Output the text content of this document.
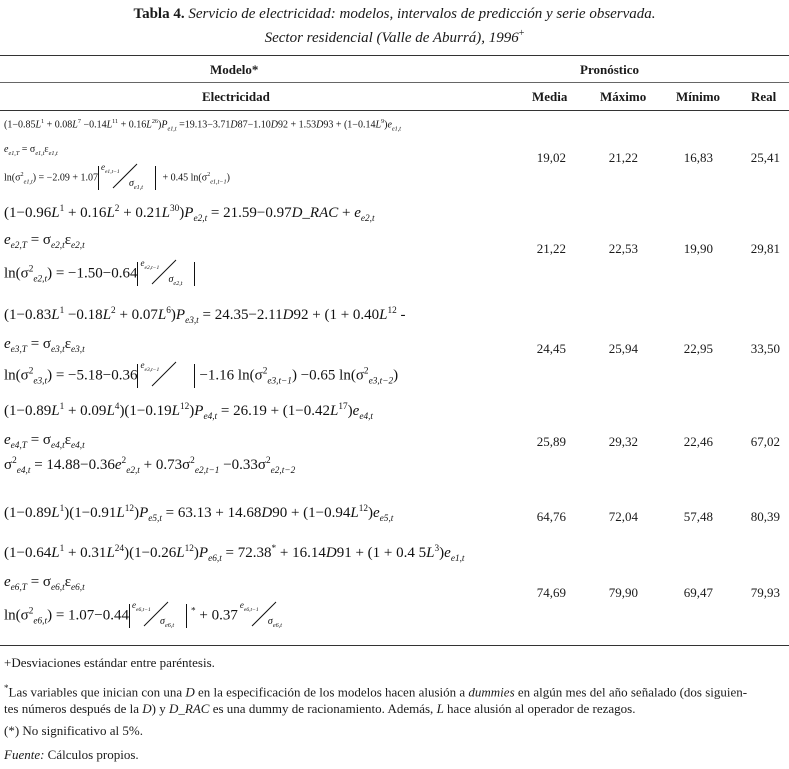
Tabla 4. Servicio de electricidad: modelos, intervalos de predicción y serie observada.
Sector residencial (Valle de Aburrá), 1996+
Modelo*	Pronóstico
Electricidad	Media	Máximo Mínimo Real
$(1-0.85L^1 + 0.08L^7 -0.14L^{11} + 0.16L^{26})P_{e1,t} =19.13-3.71D87-1.10D92 + 1.53D93 + (1-0.14L^9)e_{e1,t}$
$e_{e1,T} = \sigma_{e1,t}\varepsilon_{e1,t}$
$\ln(\sigma^2_{e1,t}) = -2.09 + 1.07$
$e_{e1,t-1}$
$\sigma_{e1,t}$
+ 0.45 $\ln(\sigma^2_{e1,t-1})$
19,02	21,22	16,83	25,41
$(1-0.96L^1 + 0.16L^2 + 0.21L^{30})P_{e2,t}$ = 21.59−0.97D_RAC + $e_{e2,t}$
$e_{e2,T} = \sigma_{e2,t}\varepsilon_{e2,t}$
$\ln(\sigma^2_{e2,t}) = -1.50-0.64$
$e_{e2,t-1}$
$\sigma_{e2,t}$
21,22	22,53	19,90	29,81
$(1-0.83L^1 -0.18L^2 + 0.07L^6)P_{e3,t} = 24.35-2.11D92 + (1 + 0.40L^{12}$ -
$e_{e3,T} = \sigma_{e3,t}\varepsilon_{e3,t}$
$\ln(\sigma^2_{e3,t}) = -5.18-0.36$
$e_{e3,t-1}$	−1.16 $\ln(\sigma^2_{e3,t-1}) -0.65$ $\ln(\sigma^2_{e3,t-2})$
24,45	25,94	22,95	33,50
$(1-0.89L^1 + 0.09L^4)(1-0.19L^{12})P_{e4,t} = 26.19 + (1-0.42L^{17})e_{e4,t}$
$e_{e4,T} = \sigma_{e4,t}\varepsilon_{e4,t}$
$\sigma^2_{e4,t} = 14.88-0.36e^2_{e2,t} + 0.73\sigma^2_{e2,t-1} -0.33\sigma^2_{e2,t-2}$
25,89	29,32	22,46	67,02
$(1-0.89L^1)(1-0.91L^{12})P_{e5,t} = 63.13 + 14.68D90 + (1-0.94L^{12})e_{e5,t}$	64,76	72,04	57,48	80,39
$(1-0.64L^1 + 0.31L^{24})(1-0.26L^{12})P_{e6,t} = 72.38^* + 16.14D91 + (1 + 0.4$ $5L^3)e_{e1,t}$
$e_{e6,T} = \sigma_{e6,t}\varepsilon_{e6,t}$
$\ln(\sigma^2_{e6,t}) = 1.07-0.44$
$e_{e6,t-1}$
$\sigma_{e6,t}$
* + 0.37
$e_{e6,t-1}$
$\sigma_{e6,t}$
74,69	79,90	69,47	79,93
+Desviaciones estándar entre paréntesis.
*Las variables que inician con una D en la especificación de los modelos hacen alusión a dummies en algún mes del año señalado (dos siguien-
tes números después de la D) y D_RAC es una dummy de racionamiento. Además, L hace alusión al operador de rezagos.
(*) No significativo al 5%.
Fuente: Cálculos propios.
